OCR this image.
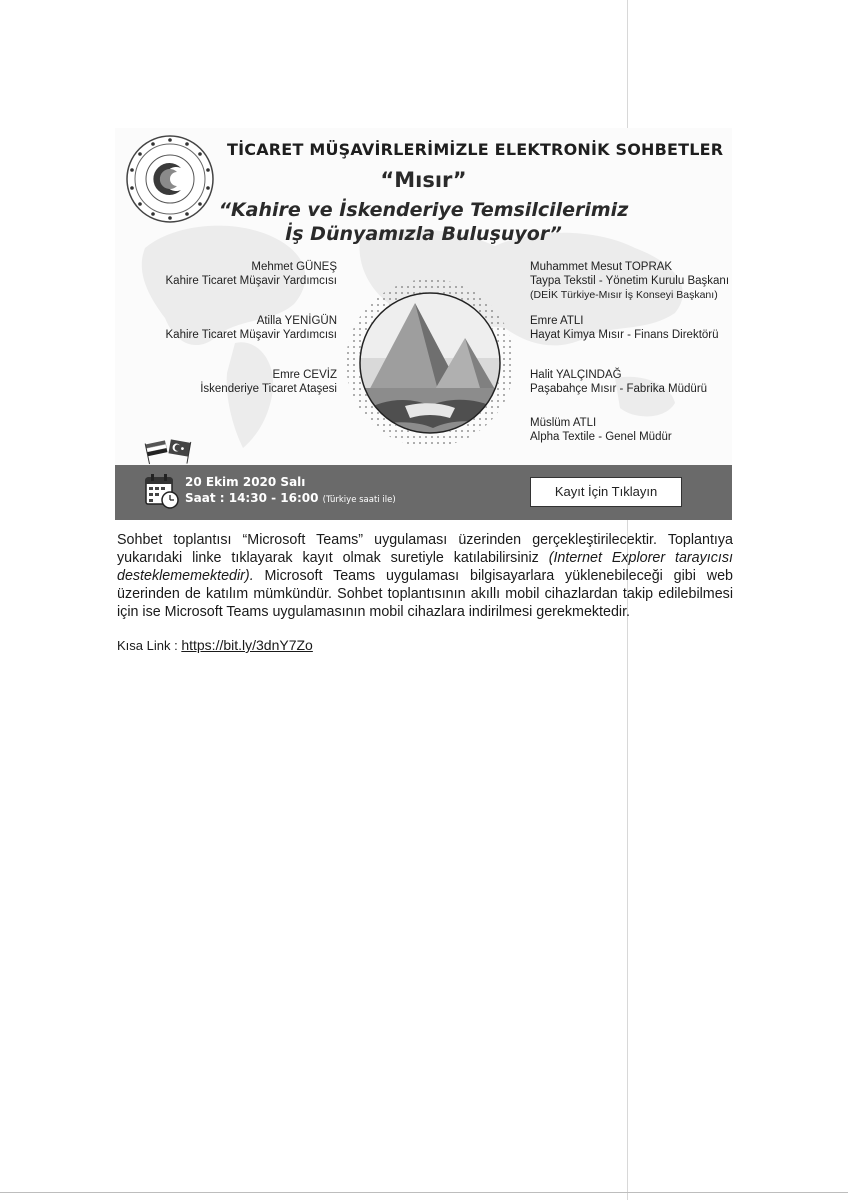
TİCARET MÜŞAVİRLERİMİZLE ELEKTRONİK SOHBETLER
“Mısır”
“Kahire ve İskenderiye Temsilcilerimiz
İş Dünyamızla Buluşuyor”
Mehmet GÜNEŞ
Kahire Ticaret Müşavir Yardımcısı
Atilla YENİGÜN
Kahire Ticaret Müşavir Yardımcısı
Emre CEVİZ
İskenderiye Ticaret Ataşesi
Muhammet Mesut TOPRAK
Taypa Tekstil - Yönetim Kurulu Başkanı
(DEİK Türkiye-Mısır İş Konseyi Başkanı)
Emre ATLI
Hayat Kimya Mısır - Finans Direktörü
Halit YALÇINDAĞ
Paşabahçe Mısır - Fabrika Müdürü
Müslüm ATLI
Alpha Textile - Genel Müdür
20 Ekim 2020 Salı
Saat : 14:30 - 16:00 (Türkiye saati ile)
Kayıt İçin Tıklayın

Sohbet toplantısı “Microsoft Teams” uygulaması üzerinden gerçekleştirilecektir. Toplantıya yukarıdaki linke tıklayarak kayıt olmak suretiyle katılabilirsiniz (Internet Explorer tarayıcısı desteklememektedir). Microsoft Teams uygulaması bilgisayarlara yüklenebileceği gibi web üzerinden de katılım mümkündür. Sohbet toplantısının akıllı mobil cihazlardan takip edilebilmesi için ise Microsoft Teams uygulamasının mobil cihazlara indirilmesi gerekmektedir.

Kısa Link : https://bit.ly/3dnY7Zo
